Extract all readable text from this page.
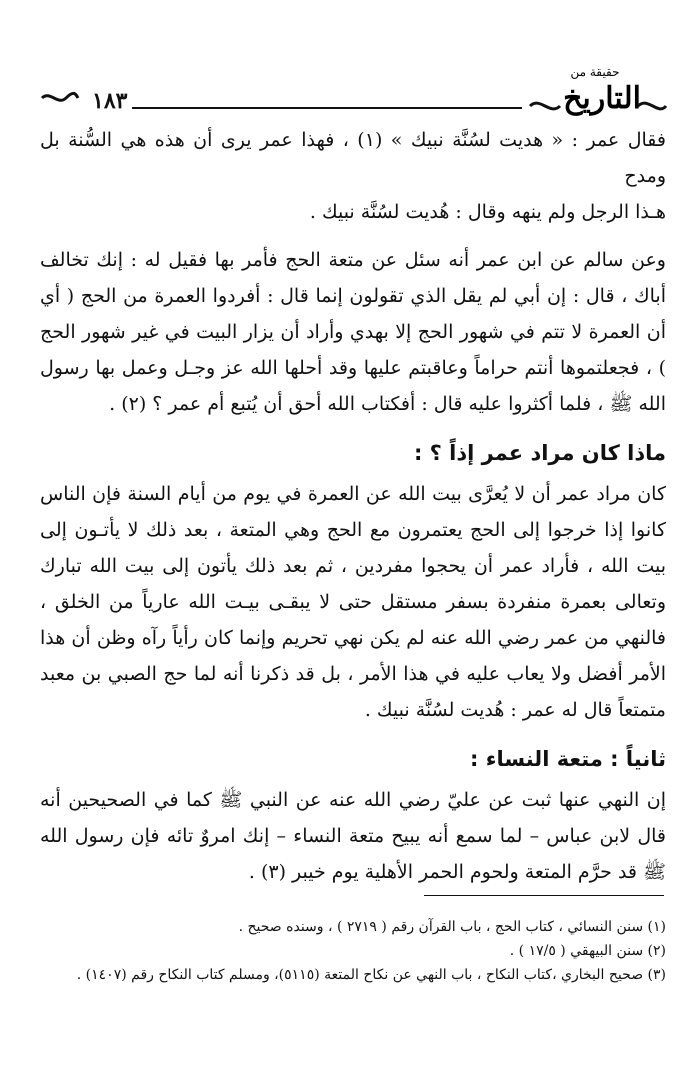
١٨٣
حقيقة من
التاريخ

فقال عمر : « هديت لسُنَّة نبيك » (١) ، فهذا عمر يرى أن هذه هي السُّنة بل ومدح

هـذا الرجل ولم ينهه وقال : هُديت لسُنَّة نبيك .

وعن سالم عن ابن عمر أنه سئل عن متعة الحج فأمر بها فقيل له : إنك تخالف أباك ، قال : إن أبي لم يقل الذي تقولون إنما قال : أفردوا العمرة من الحج ( أي أن العمرة لا تتم في شهور الحج إلا بهدي وأراد أن يزار البيت في غير شهور الحج ) ، فجعلتموها أنتم حراماً وعاقبتم عليها وقد أحلها الله عز وجـل وعمل بها رسول الله ﷺ ، فلما أكثروا عليه قال : أفكتاب الله أحق أن يُتبع أم عمر ؟ (٢) .

ماذا كان مراد عمر إذاً ؟ :

كان مراد عمر أن لا يُعرَّى بيت الله عن العمرة في يوم من أيام السنة فإن الناس كانوا إذا خرجوا إلى الحج يعتمرون مع الحج وهي المتعة ، بعد ذلك لا يأتـون إلى بيت الله ، فأراد عمر أن يحجوا مفردين ، ثم بعد ذلك يأتون إلى بيت الله تبارك وتعالى بعمرة منفردة بسفر مستقل حتى لا يبقـى بيـت الله عارياً من الخلق ، فالنهي من عمر رضي الله عنه لم يكن نهي تحريم وإنما كان رأياً رآه وظن أن هذا الأمر أفضل ولا يعاب عليه في هذا الأمر ، بل قد ذكرنا أنه لما حج الصبي بن معبد متمتعاً قال له عمر : هُديت لسُنَّة نبيك .

ثانياً : متعة النساء :

إن النهي عنها ثبت عن عليّ رضي الله عنه عن النبي ﷺ كما في الصحيحين أنه قال لابن عباس – لما سمع أنه يبيح متعة النساء – إنك امروٌ تائه فإن رسول الله ﷺ قد حرَّم المتعة ولحوم الحمر الأهلية يوم خيبر (٣) .

(١) سنن النسائي ، كتاب الحج ، باب القرآن رقم ( ٢٧١٩ ) ، وسنده صحيح .

(٢) سنن البيهقي ( ١٧/٥ ) .

(٣) صحيح البخاري ،كتاب النكاح ، باب النهي عن نكاح المتعة (٥١١٥)، ومسلم كتاب النكاح رقم (١٤٠٧) .
